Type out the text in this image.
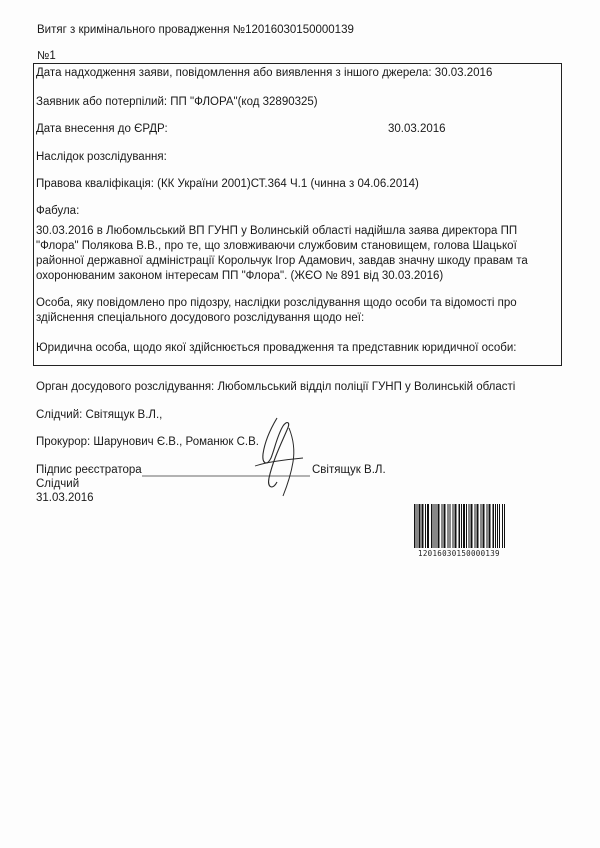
Витяг з кримінального провадження №12016030150000139
№1
Дата надходження заяви, повідомлення або виявлення з іншого джерела: 30.03.2016
Заявник або потерпілий: ПП "ФЛОРА"(код 32890325)
Дата внесення до ЄРДР:	30.03.2016
Наслідок розслідування:
Правова кваліфікація: (КК України 2001)СТ.364 Ч.1 (чинна з 04.06.2014)
Фабула:
30.03.2016 в Любомльський ВП ГУНП у Волинській області надійшла заява директора ПП "Флора" Полякова В.В., про те, що зловживаючи службовим становищем, голова Шацької районної державної адміністрації Корольчук Ігор Адамович, завдав значну шкоду правам та охоронюваним законом інтересам ПП "Флора". (ЖЄО № 891 від 30.03.2016)
Особа, яку повідомлено про підозру, наслідки розслідування щодо особи та відомості про здійснення спеціального досудового розслідування щодо неї:
Юридична особа, щодо якої здійснюється провадження та представник юридичної особи:
Орган досудового розслідування: Любомльський відділ поліції ГУНП у Волинській області
Слідчий: Світящук В.Л.,
Прокурор: Шарунович Є.В., Романюк С.В.
Підпис реєстратора	Світящук В.Л.
Слідчий
31.03.2016
12016030150000139
